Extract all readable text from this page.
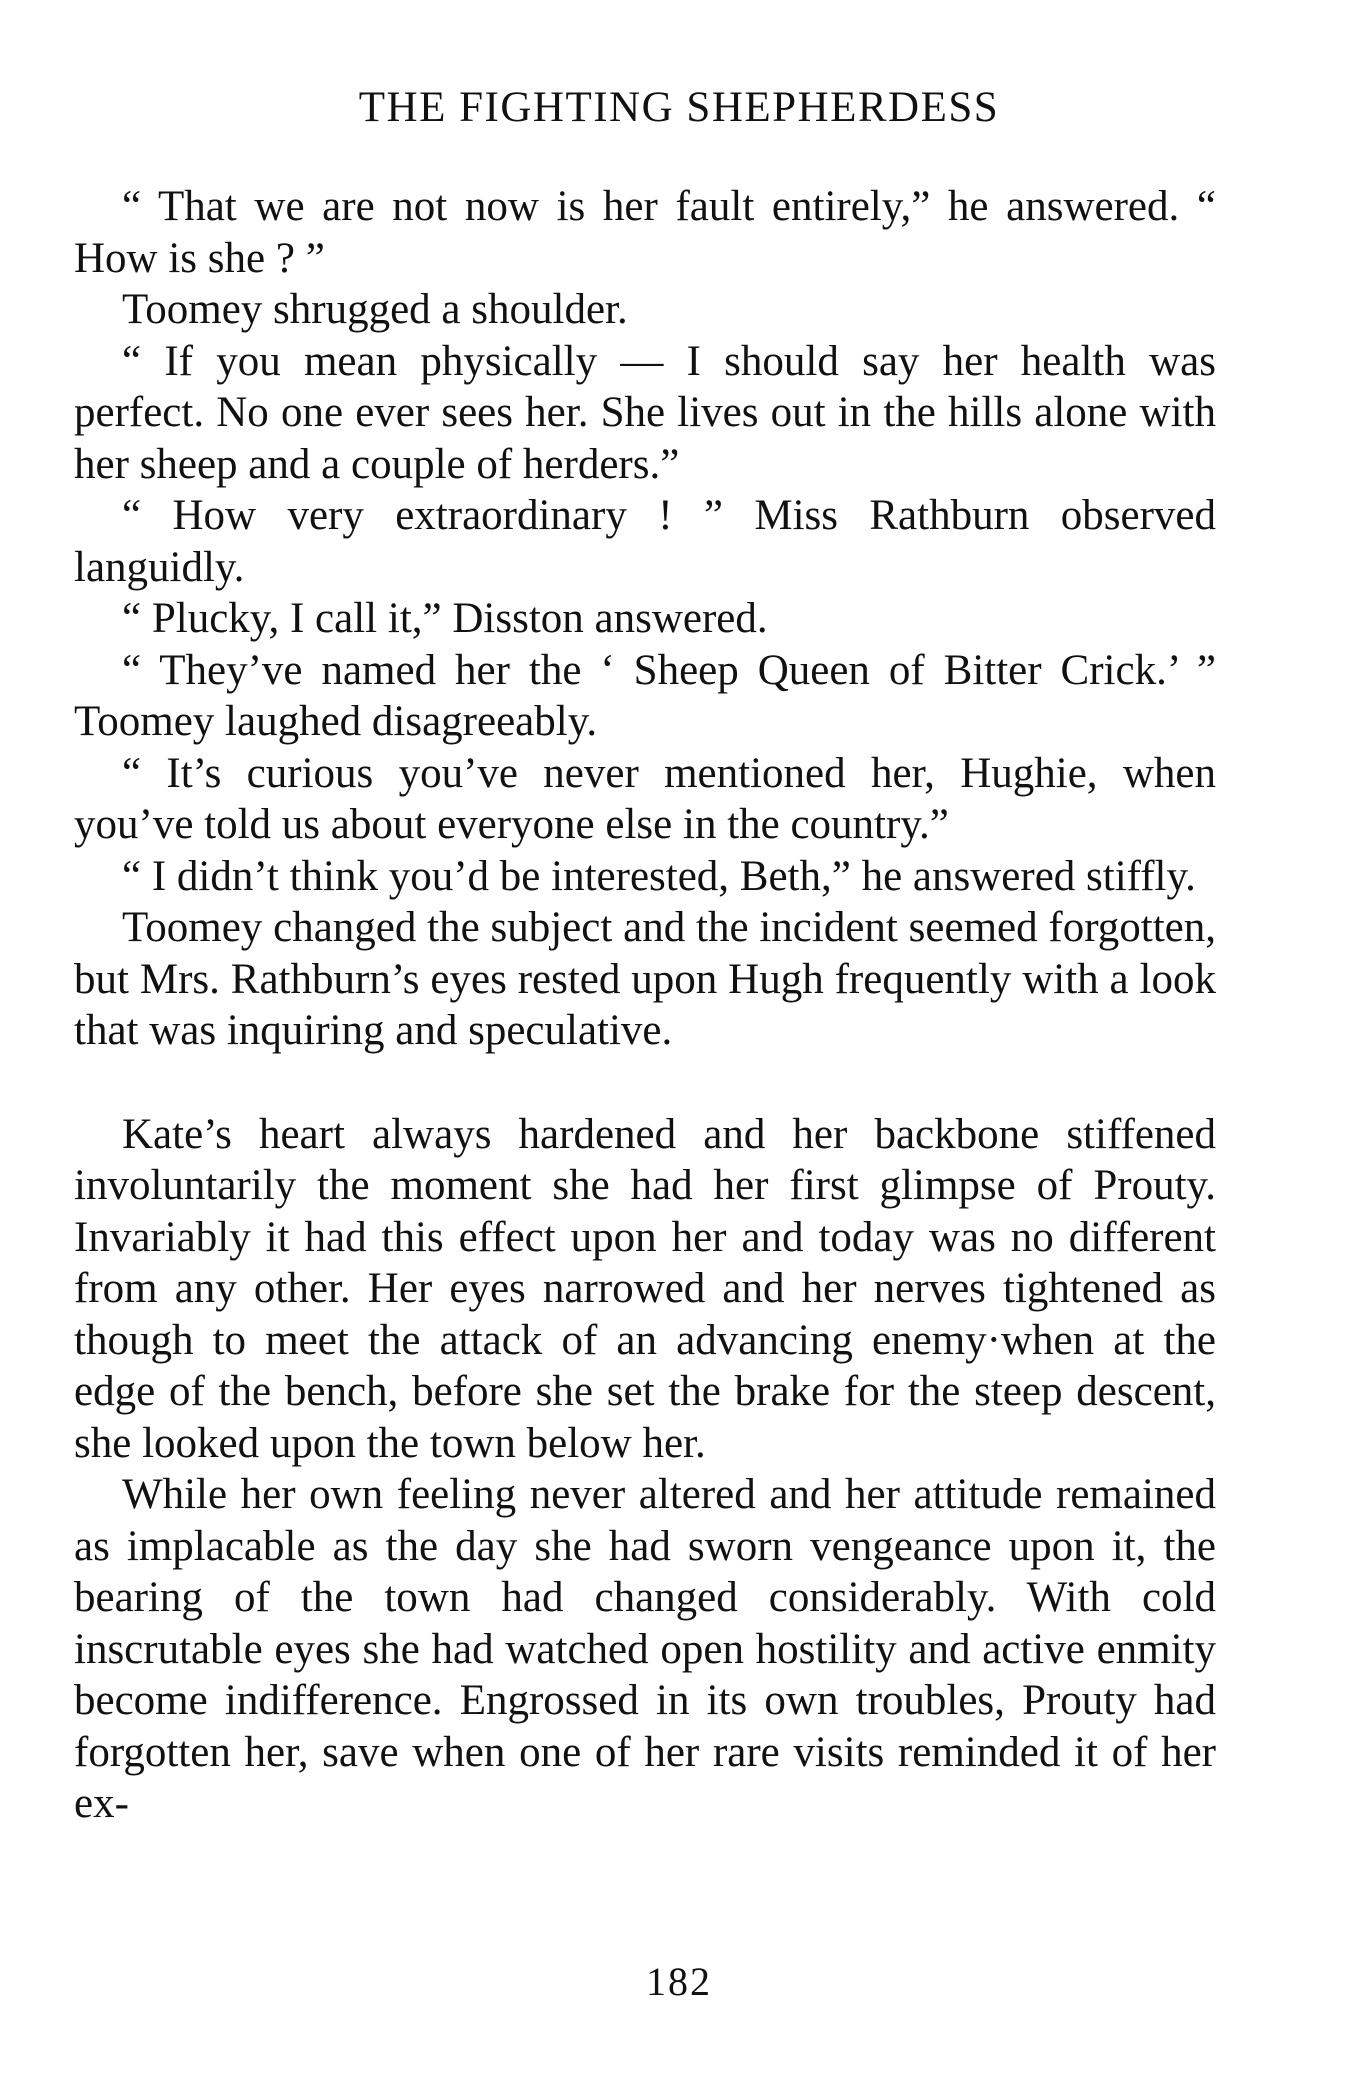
THE FIGHTING SHEPHERDESS

“ That we are not now is her fault entirely,” he answered. “ How is she ? ”

Toomey shrugged a shoulder.

“ If you mean physically — I should say her health was perfect. No one ever sees her. She lives out in the hills alone with her sheep and a couple of herders.”

“ How very extraordinary ! ” Miss Rathburn observed languidly.

“ Plucky, I call it,” Disston answered.

“ They’ve named her the ‘ Sheep Queen of Bitter Crick.’ ” Toomey laughed disagreeably.

“ It’s curious you’ve never mentioned her, Hughie, when you’ve told us about everyone else in the country.”

“ I didn’t think you’d be interested, Beth,” he answered stiffly.

Toomey changed the subject and the incident seemed forgotten, but Mrs. Rathburn’s eyes rested upon Hugh frequently with a look that was inquiring and speculative.

Kate’s heart always hardened and her backbone stiffened involuntarily the moment she had her first glimpse of Prouty. Invariably it had this effect upon her and today was no different from any other. Her eyes narrowed and her nerves tightened as though to meet the attack of an advancing enemy·when at the edge of the bench, before she set the brake for the steep descent, she looked upon the town below her.

While her own feeling never altered and her attitude remained as implacable as the day she had sworn vengeance upon it, the bearing of the town had changed considerably. With cold inscrutable eyes she had watched open hostility and active enmity become indifference. Engrossed in its own troubles, Prouty had forgotten her, save when one of her rare visits reminded it of her ex-

182
